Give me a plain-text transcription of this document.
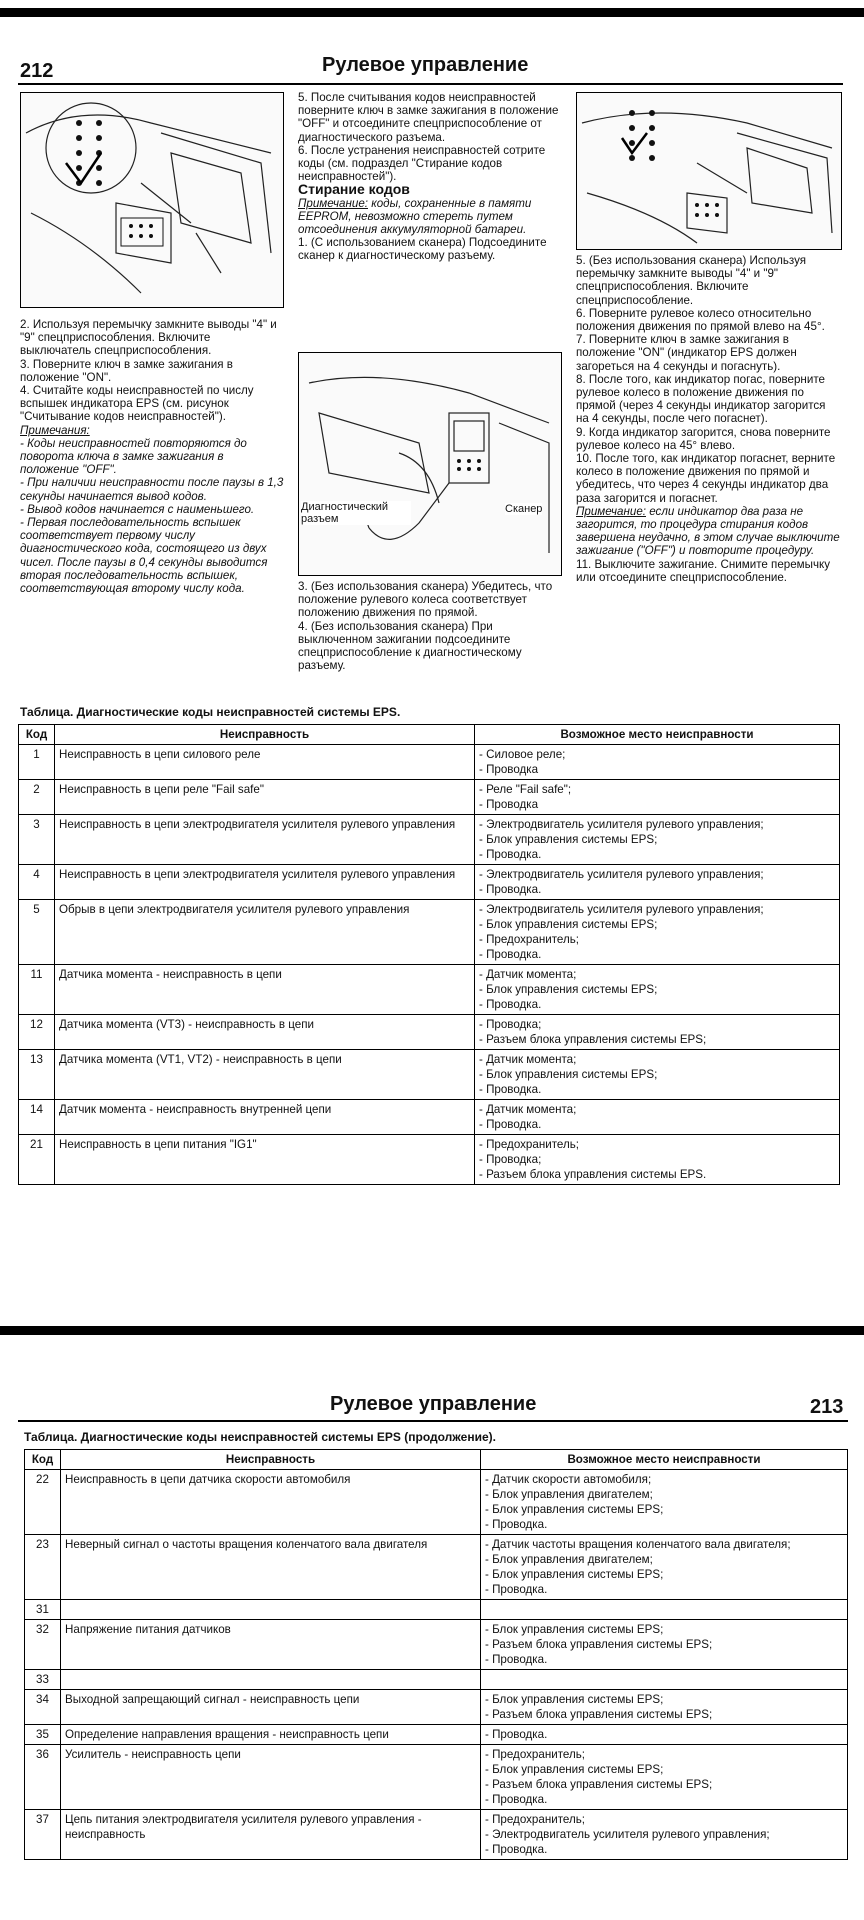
212	Рулевое управление

2. Используя перемычку замкните выводы "4" и "9" спецприспособления. Включите выключатель спецприспособления.

3. Поверните ключ в замке зажигания в положение "ON".

4. Считайте коды неисправностей по числу вспышек индикатора EPS (см. рисунок "Считывание кодов неисправностей").

Примечания:

- Коды неисправностей повторяются до поворота ключа в замке зажигания в положение "OFF".

- При наличии неисправности после паузы в 1,3 секунды начинается вывод кодов.

- Вывод кодов начинается с наименьшего.

- Первая последовательность вспышек соответствует первому числу диагностического кода, состоящего из двух чисел. После паузы в 0,4 секунды выводится вторая последовательность вспышек, соответствующая второму числу кода.

5. После считывания кодов неисправностей поверните ключ в замке зажигания в положение "OFF" и отсоедините спецприспособление от диагностического разъема.

6. После устранения неисправностей сотрите коды (см. подраздел "Стирание кодов неисправностей").

Стирание кодов

Примечание: коды, сохраненные в памяти EEPROM, невозможно стереть путем отсоединения аккумуляторной батареи.

1. (С использованием сканера) Подсоедините сканер к диагностическому разъему.

Диагностический разъем
Сканер

3. (Без использования сканера) Убедитесь, что положение рулевого колеса соответствует положению движения по прямой.

4. (Без использования сканера) При выключенном зажигании подсоедините спецприспособление к диагностическому разъему.

5. (Без использования сканера) Используя перемычку замкните выводы "4" и "9" спецприспособления. Включите спецприспособление.

6. Поверните рулевое колесо относительно положения движения по прямой влево на 45°.

7. Поверните ключ в замке зажигания в положение "ON" (индикатор EPS должен загореться на 4 секунды и погаснуть).

8. После того, как индикатор погас, поверните рулевое колесо в положение движения по прямой (через 4 секунды индикатор загорится на 4 секунды, после чего погаснет).

9. Когда индикатор загорится, снова поверните рулевое колесо на 45° влево.

10. После того, как индикатор погаснет, верните колесо в положение движения по прямой и убедитесь, что через 4 секунды индикатор два раза загорится и погаснет.

Примечание: если индикатор два раза не загорится, то процедура стирания кодов завершена неудачно, в этом случае выключите зажигание ("OFF") и повторите процедуру.

11. Выключите зажигание. Снимите перемычку или отсоедините спецприспособление.

Таблица. Диагностические коды неисправностей системы EPS.
Код	Неисправность	Возможное место неисправности
1	Неисправность в цепи силового реле	- Силовое реле;
- Проводка

2	Неисправность в цепи реле "Fail safe"	- Реле "Fail safe";
- Проводка

3	Неисправность в цепи электродвигателя усилителя рулевого управления	- Электродвигатель усилителя рулевого управления;
- Блок управления системы EPS;
- Проводка.

4	Неисправность в цепи электродвигателя усилителя рулевого управления	- Электродвигатель усилителя рулевого управления;
- Проводка.

5	Обрыв в цепи электродвигателя усилителя рулевого управления	- Электродвигатель усилителя рулевого управления;
- Блок управления системы EPS;
- Предохранитель;
- Проводка.

11	Датчика момента - неисправность в цепи	- Датчик момента;
- Блок управления системы EPS;
- Проводка.

12	Датчика момента (VT3) - неисправность в цепи	- Проводка;
- Разъем блока управления системы EPS;

13	Датчика момента (VT1, VT2) - неисправность в цепи	- Датчик момента;
- Блок управления системы EPS;
- Проводка.

14	Датчик момента - неисправность внутренней цепи	- Датчик момента;
- Проводка.

21	Неисправность в цепи питания "IG1"	- Предохранитель;
- Проводка;
- Разъем блока управления системы EPS.
Рулевое управление	213
Таблица. Диагностические коды неисправностей системы EPS (продолжение).
Код	Неисправность	Возможное место неисправности
22	Неисправность в цепи датчика скорости автомобиля	- Датчик скорости автомобиля;
- Блок управления двигателем;
- Блок управления системы EPS;
- Проводка.

23	Неверный сигнал о частоты вращения коленчатого вала двигателя	- Датчик частоты вращения коленчатого вала двигателя;
- Блок управления двигателем;
- Блок управления системы EPS;
- Проводка.

31		
32	Напряжение питания датчиков	- Блок управления системы EPS;
- Разъем блока управления системы EPS;
- Проводка.

33		
34	Выходной запрещающий сигнал - неисправность цепи	- Блок управления системы EPS;
- Разъем блока управления системы EPS;

35	Определение направления вращения - неисправность цепи	- Проводка.

36	Усилитель - неисправность цепи	- Предохранитель;
- Блок управления системы EPS;
- Разъем блока управления системы EPS;
- Проводка.

37	Цепь питания электродвигателя усилителя рулевого управления - неисправность	- Предохранитель;
- Электродвигатель усилителя рулевого управления;
- Проводка.
